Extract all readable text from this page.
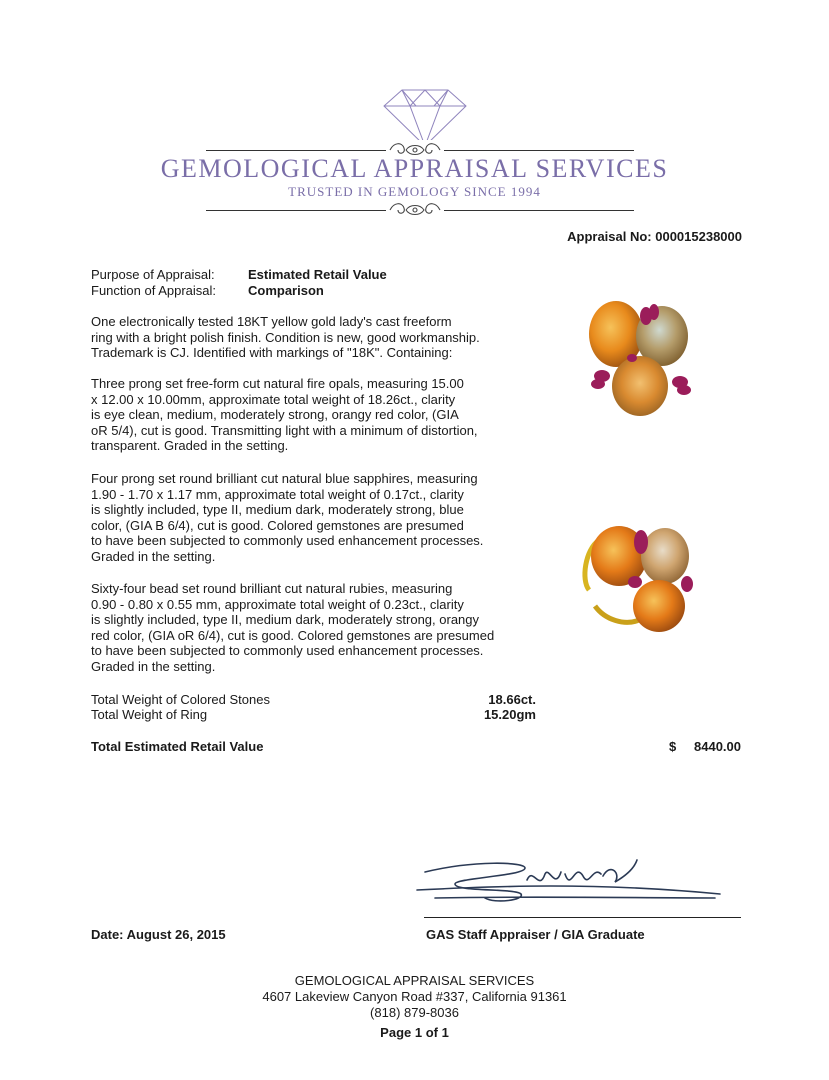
GEMOLOGICAL APPRAISAL SERVICES
TRUSTED IN GEMOLOGY SINCE 1994
Appraisal No: 000015238000
Purpose of Appraisal:	Estimated Retail Value
Function of Appraisal: Comparison
One electronically tested 18KT yellow gold lady's cast freeform
ring with a bright polish finish. Condition is new, good workmanship.
Trademark is CJ. Identified with markings of "18K". Containing:
Three prong set free-form cut natural fire opals, measuring 15.00
x 12.00 x 10.00mm, approximate total weight of 18.26ct., clarity
is eye clean, medium, moderately strong, orangy red color, (GIA
oR 5/4), cut is good. Transmitting light with a minimum of distortion,
transparent. Graded in the setting.
Four prong set round brilliant cut natural blue sapphires, measuring
1.90 - 1.70 x 1.17 mm, approximate total weight of 0.17ct., clarity
is slightly included, type II, medium dark, moderately strong, blue
color, (GIA B 6/4), cut is good. Colored gemstones are presumed
to have been subjected to commonly used enhancement processes.
Graded in the setting.
Sixty-four bead set round brilliant cut natural rubies, measuring
0.90 - 0.80 x 0.55 mm, approximate total weight of 0.23ct., clarity
is slightly included, type II, medium dark, moderately strong, orangy
red color, (GIA oR 6/4), cut is good. Colored gemstones are presumed
to have been subjected to commonly used enhancement processes.
Graded in the setting.
Total Weight of Colored Stones	18.66ct.
Total Weight of Ring	15.20gm
Total Estimated Retail Value	$	8440.00
Date: August 26, 2015	GAS Staff Appraiser / GIA Graduate
GEMOLOGICAL APPRAISAL SERVICES
4607 Lakeview Canyon Road #337, California 91361
(818) 879-8036
Page 1 of 1
